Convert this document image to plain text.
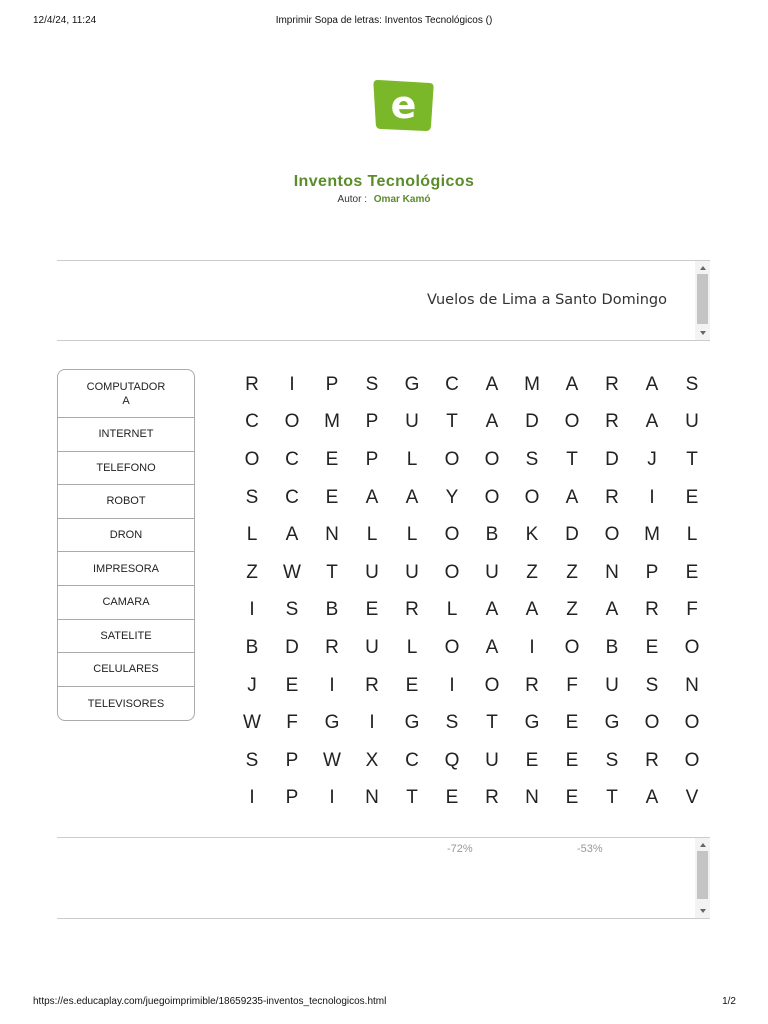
12/4/24, 11:24	Imprimir Sopa de letras: Inventos Tecnológicos ()
e
Inventos Tecnológicos
Autor : Omar Kamó
Vuelos de Lima a Santo Domingo
COMPUTADOR
A
INTERNET
TELEFONO
ROBOT
DRON
IMPRESORA
CAMARA
SATELITE
CELULARES
TELEVISORES
R	I	P	S	G	C	A	M	A	R	A	S
C	O	M	P	U	T	A	D	O	R	A	U
O	C	E	P	L	O	O	S	T	D	J	T
S	C	E	A	A	Y	O	O	A	R	I	E
L	A	N	L	L	O	B	K	D	O	M	L
Z	W	T	U	U	O	U	Z	Z	N	P	E
I	S	B	E	R	L	A	A	Z	A	R	F
B	D	R	U	L	O	A	I	O	B	E	O
J	E	I	R	E	I	O	R	F	U	S	N
W	F	G	I	G	S	T	G	E	G	O	O
S	P	W	X	C	Q	U	E	E	S	R	O
I	P	I	N	T	E	R	N	E	T	A	V
-72%	-53%
https://es.educaplay.com/juegoimprimible/18659235-inventos_tecnologicos.html	1/2
